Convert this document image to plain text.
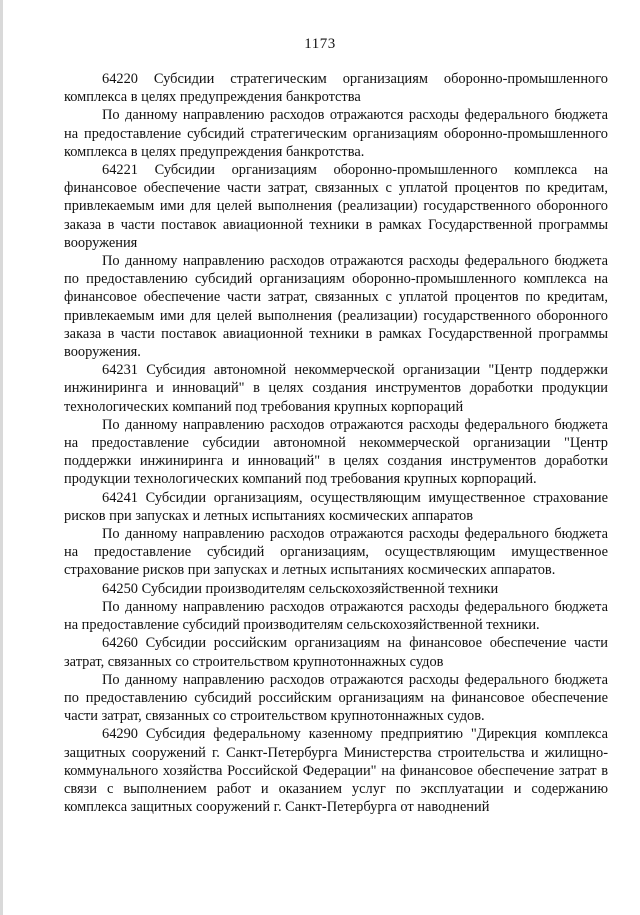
1173

64220 Субсидии стратегическим организациям оборонно-промышленного комплекса в целях предупреждения банкротства

По данному направлению расходов отражаются расходы федерального бюджета на предоставление субсидий стратегическим организациям оборонно-промышленного комплекса в целях предупреждения банкротства.

64221 Субсидии организациям оборонно-промышленного комплекса на финансовое обеспечение части затрат, связанных с уплатой процентов по кредитам, привлекаемым ими для целей выполнения (реализации) государственного оборонного заказа в части поставок авиационной техники в рамках Государственной программы вооружения

По данному направлению расходов отражаются расходы федерального бюджета по предоставлению субсидий организациям оборонно-промышленного комплекса на финансовое обеспечение части затрат, связанных с уплатой процентов по кредитам, привлекаемым ими для целей выполнения (реализации) государственного оборонного заказа в части поставок авиационной техники в рамках Государственной программы вооружения.

64231 Субсидия автономной некоммерческой организации "Центр поддержки инжиниринга и инноваций" в целях создания инструментов доработки продукции технологических компаний под требования крупных корпораций

По данному направлению расходов отражаются расходы федерального бюджета на предоставление субсидии автономной некоммерческой организации "Центр поддержки инжиниринга и инноваций" в целях создания инструментов доработки продукции технологических компаний под требования крупных корпораций.

64241 Субсидии организациям, осуществляющим имущественное страхование рисков при запусках и летных испытаниях космических аппаратов

По данному направлению расходов отражаются расходы федерального бюджета на предоставление субсидий организациям, осуществляющим имущественное страхование рисков при запусках и летных испытаниях космических аппаратов.

64250 Субсидии производителям сельскохозяйственной техники

По данному направлению расходов отражаются расходы федерального бюджета на предоставление субсидий производителям сельскохозяйственной техники.

64260 Субсидии российским организациям на финансовое обеспечение части затрат, связанных со строительством крупнотоннажных судов

По данному направлению расходов отражаются расходы федерального бюджета по предоставлению субсидий российским организациям на финансовое обеспечение части затрат, связанных со строительством крупнотоннажных судов.

64290 Субсидия федеральному казенному предприятию "Дирекция комплекса защитных сооружений г. Санкт-Петербурга Министерства строительства и жилищно-коммунального хозяйства Российской Федерации" на финансовое обеспечение затрат в связи с выполнением работ и оказанием услуг по эксплуатации и содержанию комплекса защитных сооружений г. Санкт-Петербурга от наводнений
